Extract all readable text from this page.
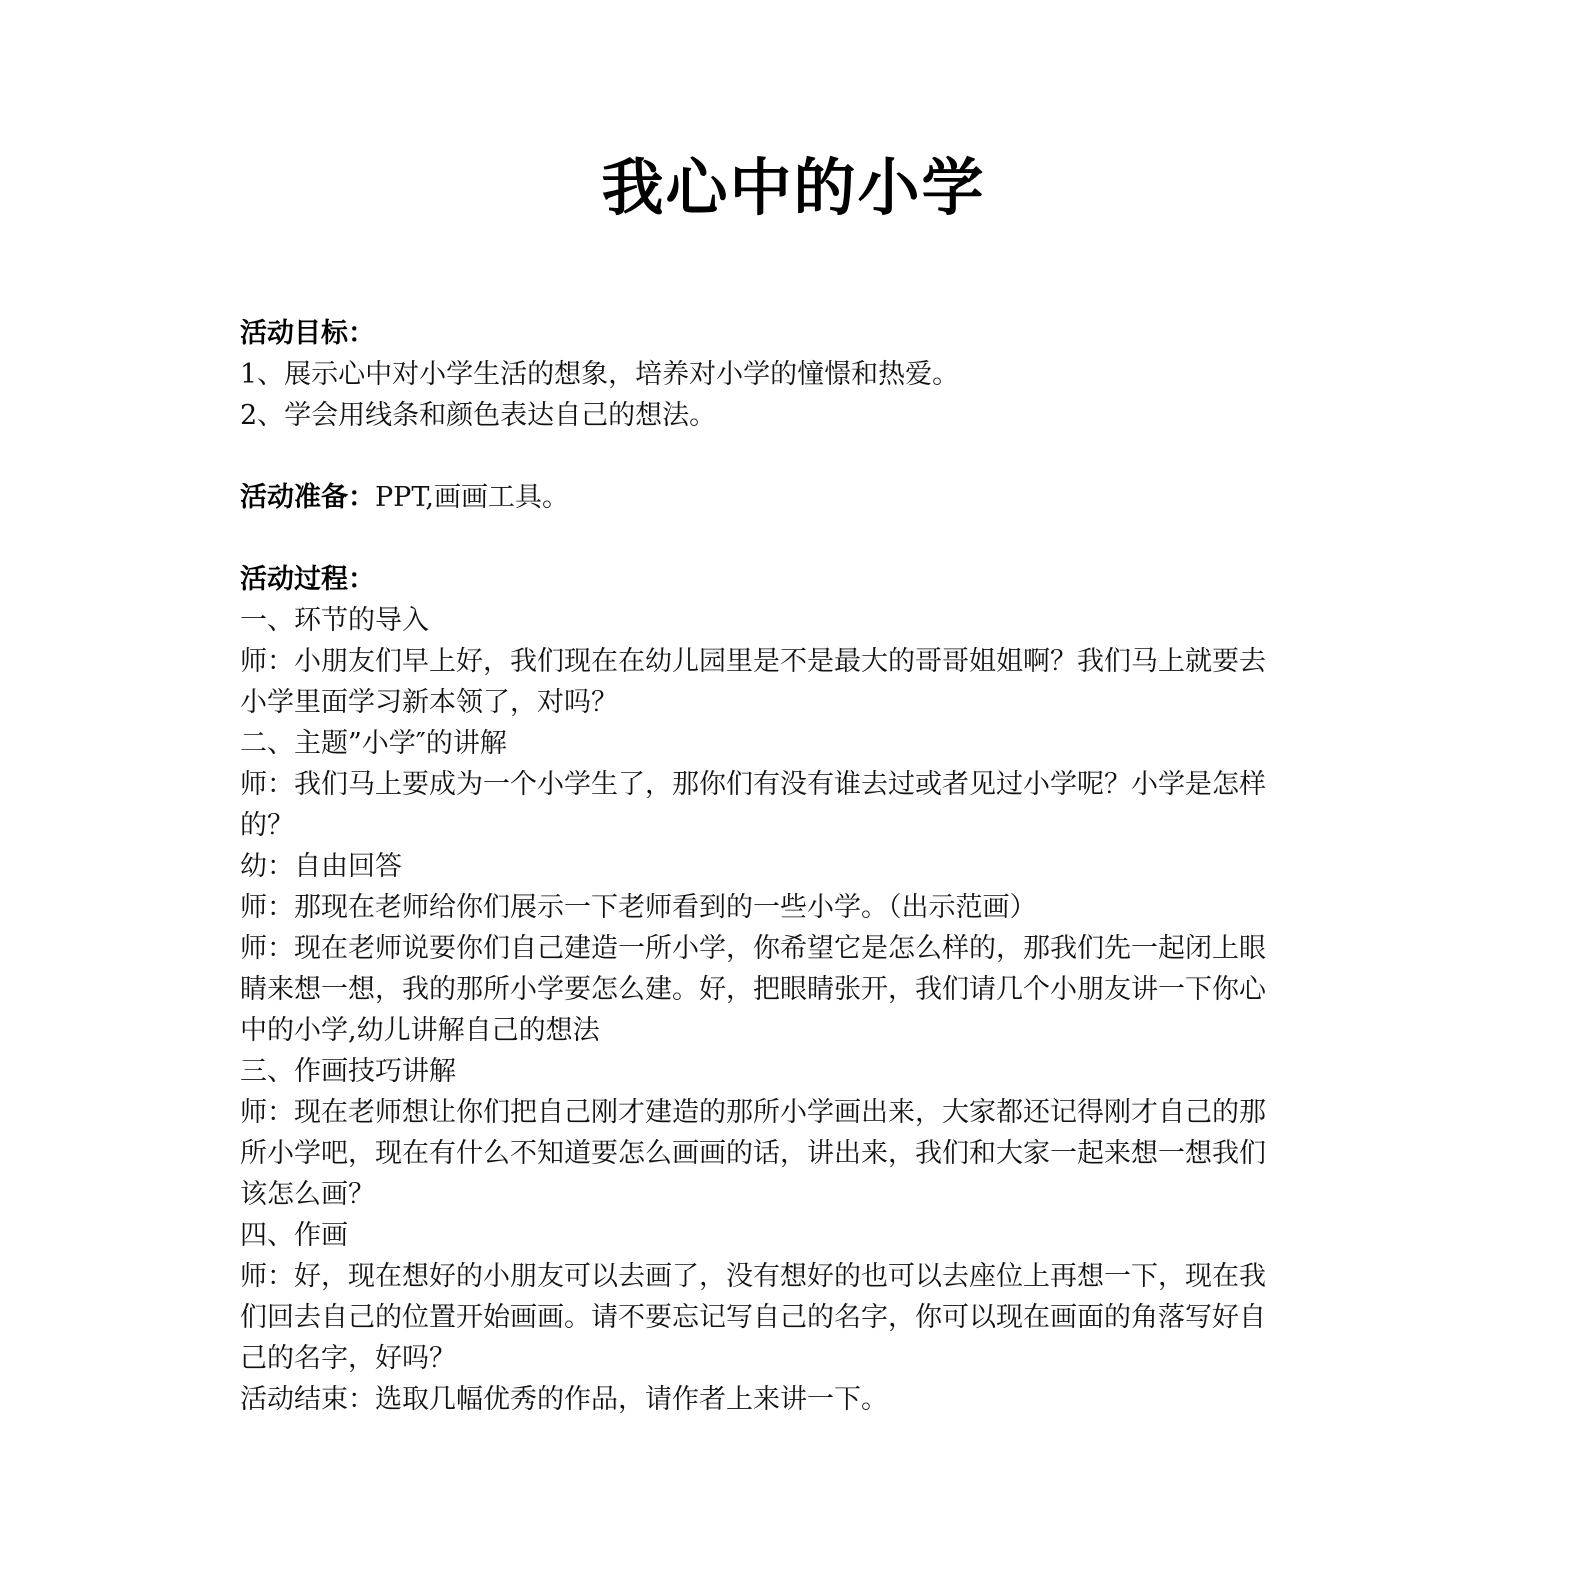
我心中的小学
活动目标：
1、展示心中对小学生活的想象，培养对小学的憧憬和热爱。
2、学会用线条和颜色表达自己的想法。
活动准备：PPT,画画工具。
活动过程：
一、环节的导入
师：小朋友们早上好，我们现在在幼儿园里是不是最大的哥哥姐姐啊？我们马上就要去
小学里面学习新本领了，对吗？
二、主题”小学″的讲解
师：我们马上要成为一个小学生了，那你们有没有谁去过或者见过小学呢？小学是怎样
的？
幼：自由回答
师：那现在老师给你们展示一下老师看到的一些小学。（出示范画）
师：现在老师说要你们自己建造一所小学，你希望它是怎么样的，那我们先一起闭上眼
睛来想一想，我的那所小学要怎么建。好，把眼睛张开，我们请几个小朋友讲一下你心
中的小学,幼儿讲解自己的想法
三、作画技巧讲解
师：现在老师想让你们把自己刚才建造的那所小学画出来，大家都还记得刚才自己的那
所小学吧，现在有什么不知道要怎么画画的话，讲出来，我们和大家一起来想一想我们
该怎么画？
四、作画
师：好，现在想好的小朋友可以去画了，没有想好的也可以去座位上再想一下，现在我
们回去自己的位置开始画画。请不要忘记写自己的名字，你可以现在画面的角落写好自
己的名字，好吗？
活动结束：选取几幅优秀的作品，请作者上来讲一下。
